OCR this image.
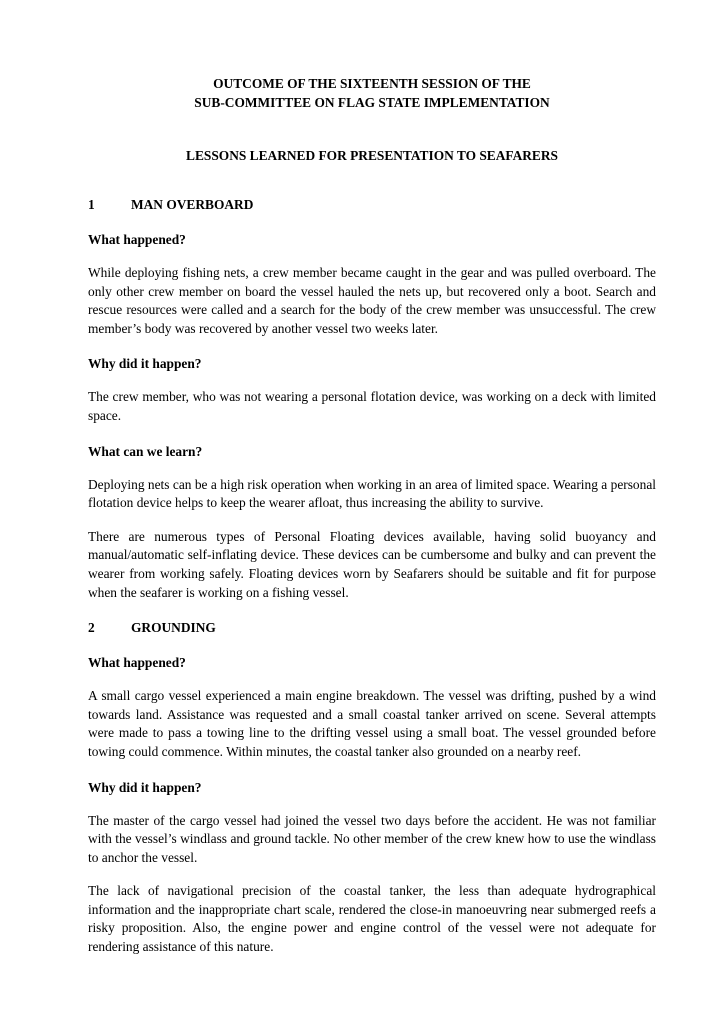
OUTCOME OF THE SIXTEENTH SESSION OF THE
SUB-COMMITTEE ON FLAG STATE IMPLEMENTATION
LESSONS LEARNED FOR PRESENTATION TO SEAFARERS
1	MAN OVERBOARD
What happened?

While deploying fishing nets, a crew member became caught in the gear and was pulled overboard. The only other crew member on board the vessel hauled the nets up, but recovered only a boot. Search and rescue resources were called and a search for the body of the crew member was unsuccessful. The crew member’s body was recovered by another vessel two weeks later.

Why did it happen?

The crew member, who was not wearing a personal flotation device, was working on a deck with limited space.

What can we learn?

Deploying nets can be a high risk operation when working in an area of limited space. Wearing a personal flotation device helps to keep the wearer afloat, thus increasing the ability to survive.

There are numerous types of Personal Floating devices available, having solid buoyancy and manual/automatic self-inflating device. These devices can be cumbersome and bulky and can prevent the wearer from working safely. Floating devices worn by Seafarers should be suitable and fit for purpose when the seafarer is working on a fishing vessel.

2	GROUNDING
What happened?

A small cargo vessel experienced a main engine breakdown. The vessel was drifting, pushed by a wind towards land. Assistance was requested and a small coastal tanker arrived on scene. Several attempts were made to pass a towing line to the drifting vessel using a small boat. The vessel grounded before towing could commence. Within minutes, the coastal tanker also grounded on a nearby reef.

Why did it happen?

The master of the cargo vessel had joined the vessel two days before the accident. He was not familiar with the vessel’s windlass and ground tackle. No other member of the crew knew how to use the windlass to anchor the vessel.

The lack of navigational precision of the coastal tanker, the less than adequate hydrographical information and the inappropriate chart scale, rendered the close-in manoeuvring near submerged reefs a risky proposition. Also, the engine power and engine control of the vessel were not adequate for rendering assistance of this nature.
